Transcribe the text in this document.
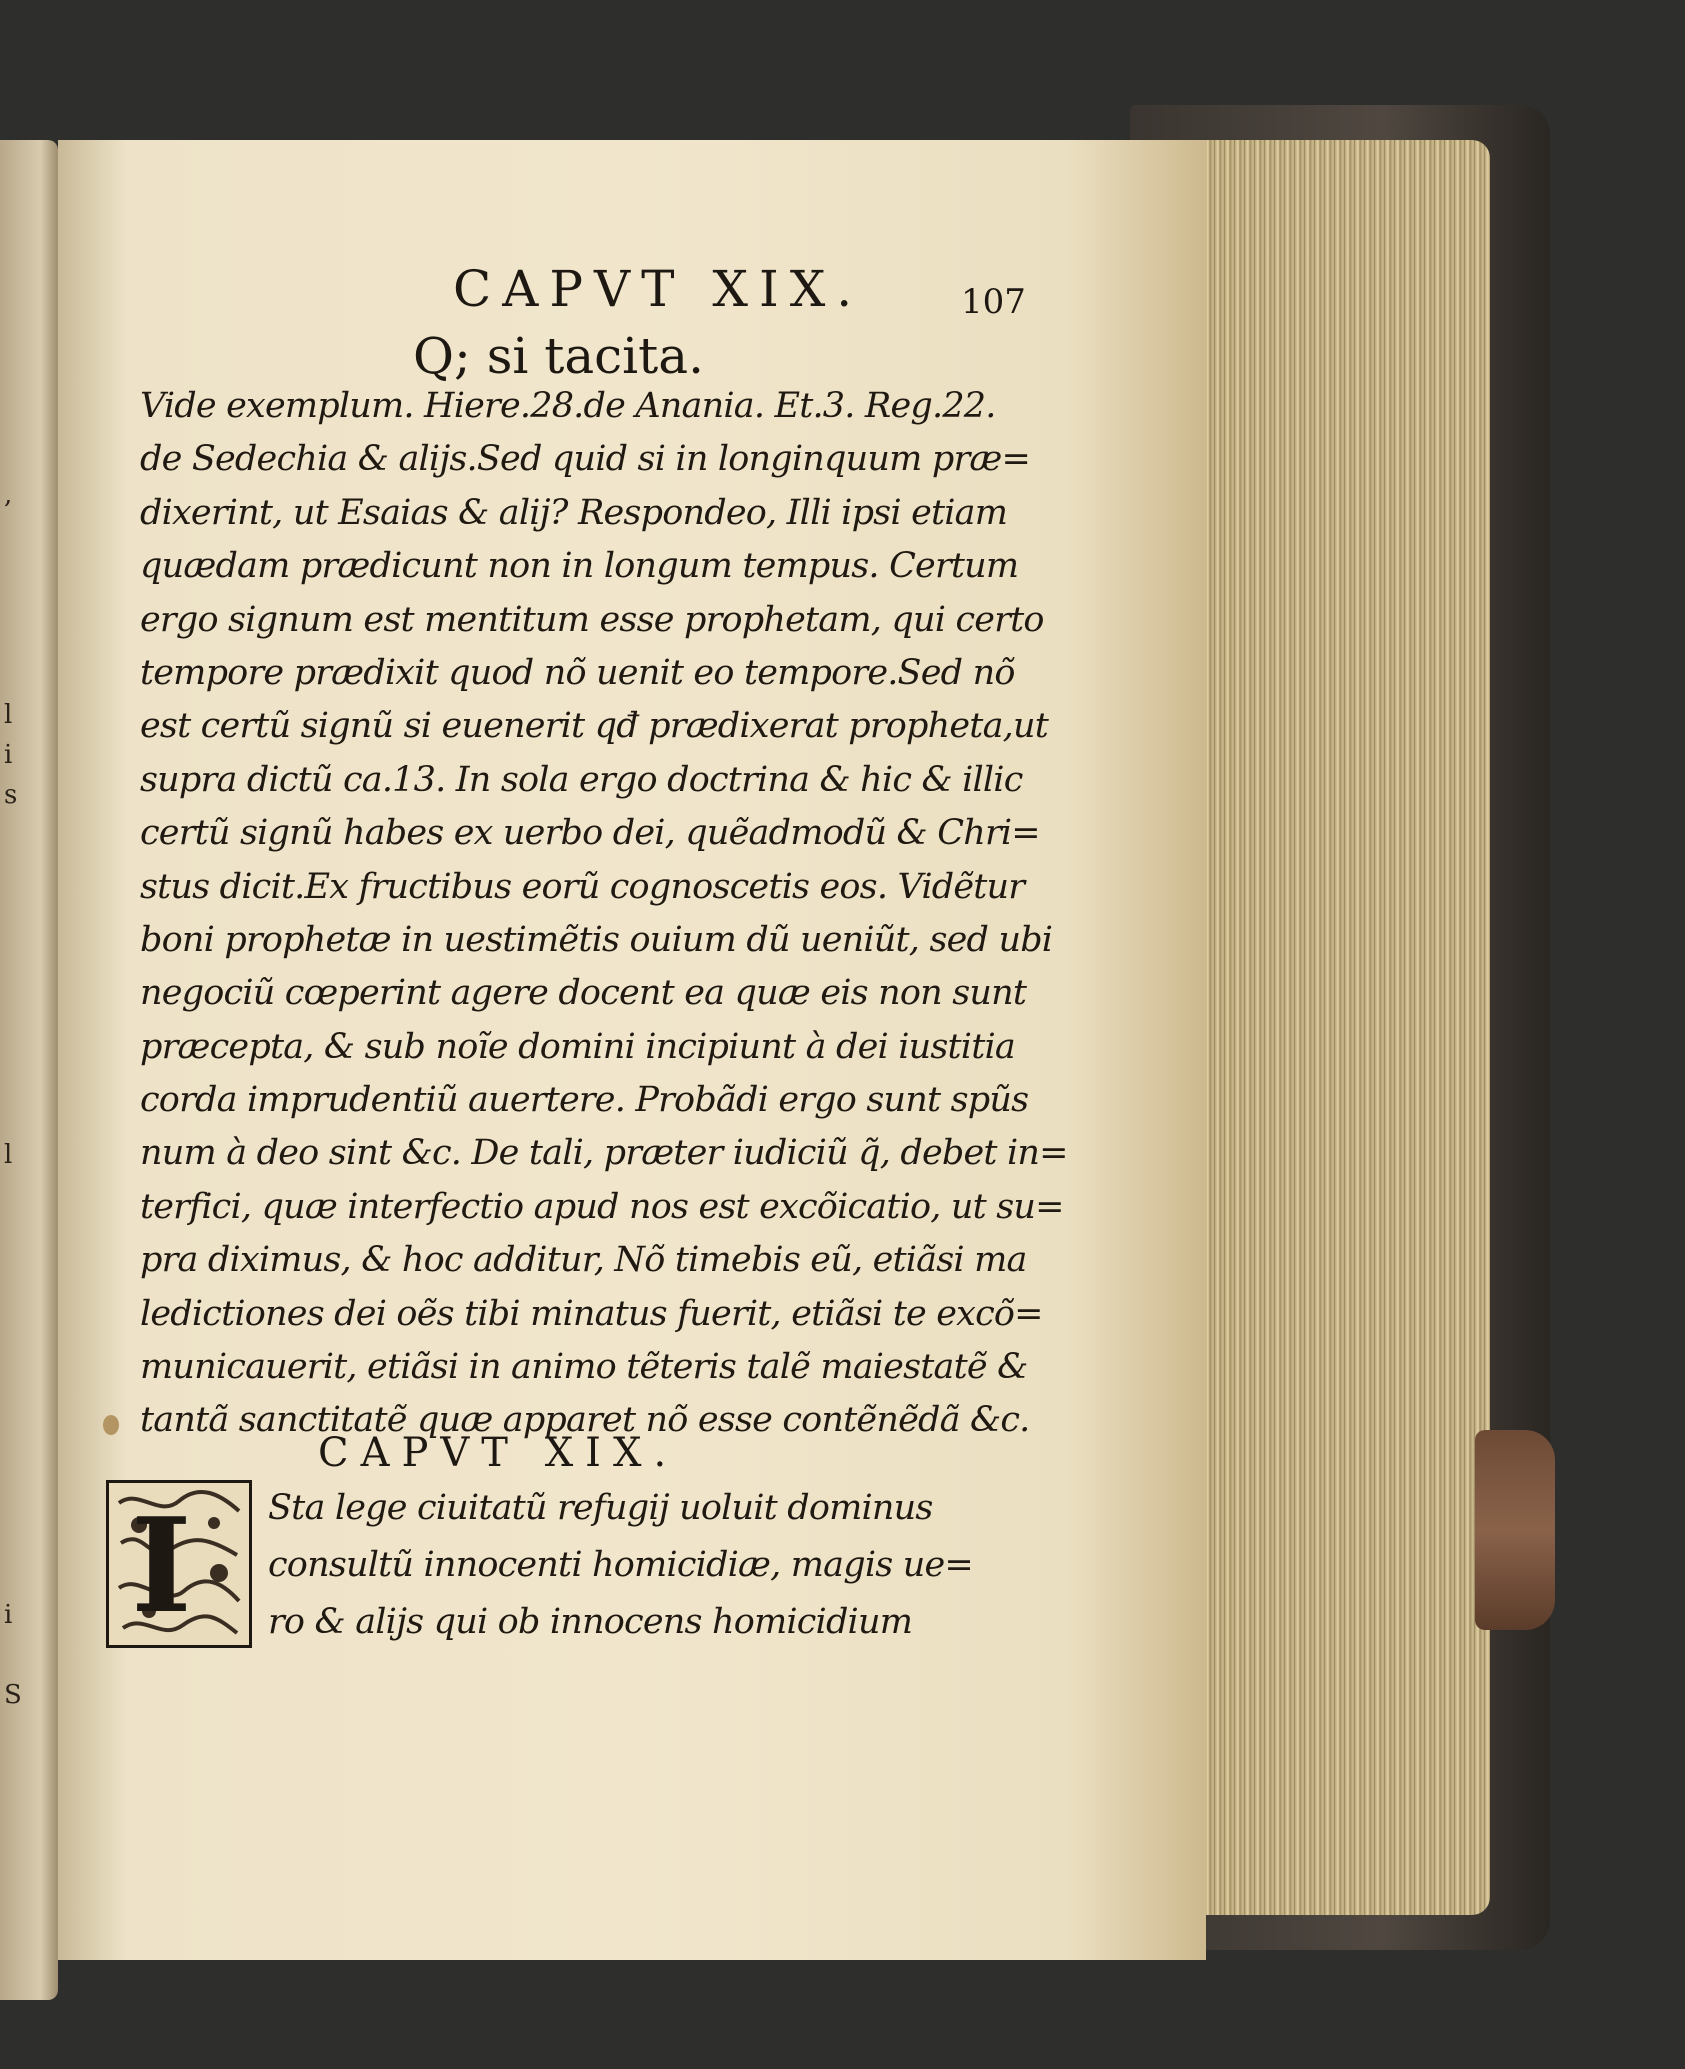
,
l
i
s
l
i
S
CAPVT XIX.	107

Q; si tacita.
Vide exemplum. Hiere.28.de Anania. Et.3. Reg.22.
de Sedechia & alijs.Sed quid si in longinquum præ=
dixerint, ut Esaias & alij? Respondeo, Illi ipsi etiam
quædam prædicunt non in longum tempus. Certum
ergo signum est mentitum esse prophetam, qui certo
tempore prædixit quod nõ uenit eo tempore.Sed nõ
est certũ signũ si euenerit qđ prædixerat propheta,ut
supra dictũ ca.13. In sola ergo doctrina & hic & illic
certũ signũ habes ex uerbo dei, quẽadmodũ & Chri=
stus dicit.Ex fructibus eorũ cognoscetis eos. Vidẽtur
boni prophetæ in uestimẽtis ouium dũ ueniũt, sed ubi
negociũ cœperint agere docent ea quæ eis non sunt
præcepta, & sub noĩe domini incipiunt à dei iustitia
corda imprudentiũ auertere. Probãdi ergo sunt spũs
num à deo sint &c. De tali, præter iudiciũ q̃, debet in=
terfici, quæ interfectio apud nos est excõicatio, ut su=
pra diximus, & hoc additur, Nõ timebis eũ, etiãsi ma
ledictiones dei oẽs tibi minatus fuerit, etiãsi te excõ=
municauerit, etiãsi in animo tẽteris talẽ maiestatẽ &
tantã sanctitatẽ quæ apparet nõ esse contẽnẽdã &c.
CAPVT XIX.
I Sta lege ciuitatũ refugij uoluit dominus
consultũ innocenti homicidiæ, magis ue=
ro & alijs qui ob innocens homicidium
